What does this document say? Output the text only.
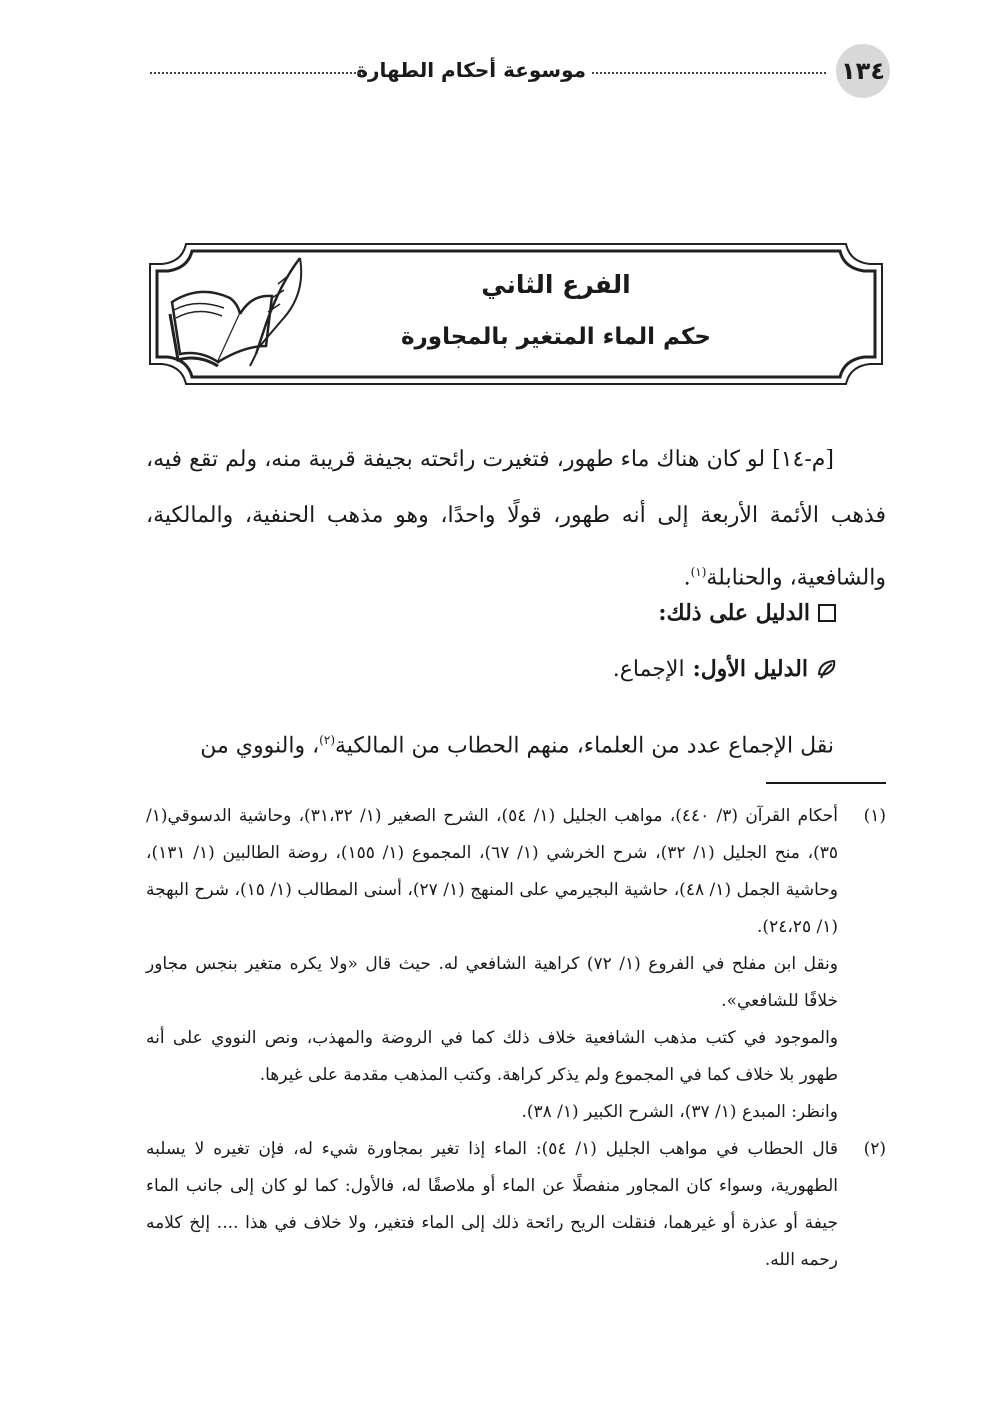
١٣٤
موسوعة أحكام الطهارة
الفرع الثاني
حكم الماء المتغير بالمجاورة

[م-١٤] لو كان هناك ماء طهور، فتغيرت رائحته بجيفة قريبة منه، ولم تقع فيه، فذهب الأئمة الأربعة إلى أنه طهور، قولًا واحدًا، وهو مذهب الحنفية، والمالكية، والشافعية، والحنابلة$^{(١)}$.

الدليل على ذلك:
الدليل الأول:
الإجماع.

نقل الإجماع عدد من العلماء، منهم الحطاب من المالكية$^{(٢)}$، والنووي من

(١)

أحكام القرآن (٣/ ٤٤٠)، مواهب الجليل (١/ ٥٤)، الشرح الصغير (١/ ٣١،٣٢)، وحاشية الدسوقي(١/ ٣٥)، منح الجليل (١/ ٣٢)، شرح الخرشي (١/ ٦٧)، المجموع (١/ ١٥٥)، روضة الطالبين (١/ ١٣١)، وحاشية الجمل (١/ ٤٨)، حاشية البجيرمي على المنهج (١/ ٢٧)، أسنى المطالب (١/ ١٥)، شرح البهجة (١/ ٢٤،٢٥).

ونقل ابن مفلح في الفروع (١/ ٧٢) كراهية الشافعي له. حيث قال «ولا يكره متغير بنجس مجاور خلافًا للشافعي».

والموجود في كتب مذهب الشافعية خلاف ذلك كما في الروضة والمهذب، ونص النووي على أنه طهور بلا خلاف كما في المجموع ولم يذكر كراهة. وكتب المذهب مقدمة على غيرها.

وانظر: المبدع (١/ ٣٧)، الشرح الكبير (١/ ٣٨).

(٢)

قال الحطاب في مواهب الجليل (١/ ٥٤): الماء إذا تغير بمجاورة شيء له، فإن تغيره لا يسلبه الطهورية، وسواء كان المجاور منفصلًا عن الماء أو ملاصقًا له، فالأول: كما لو كان إلى جانب الماء جيفة أو عذرة أو غيرهما، فنقلت الريح رائحة ذلك إلى الماء فتغير، ولا خلاف في هذا .... إلخ كلامه رحمه الله.
